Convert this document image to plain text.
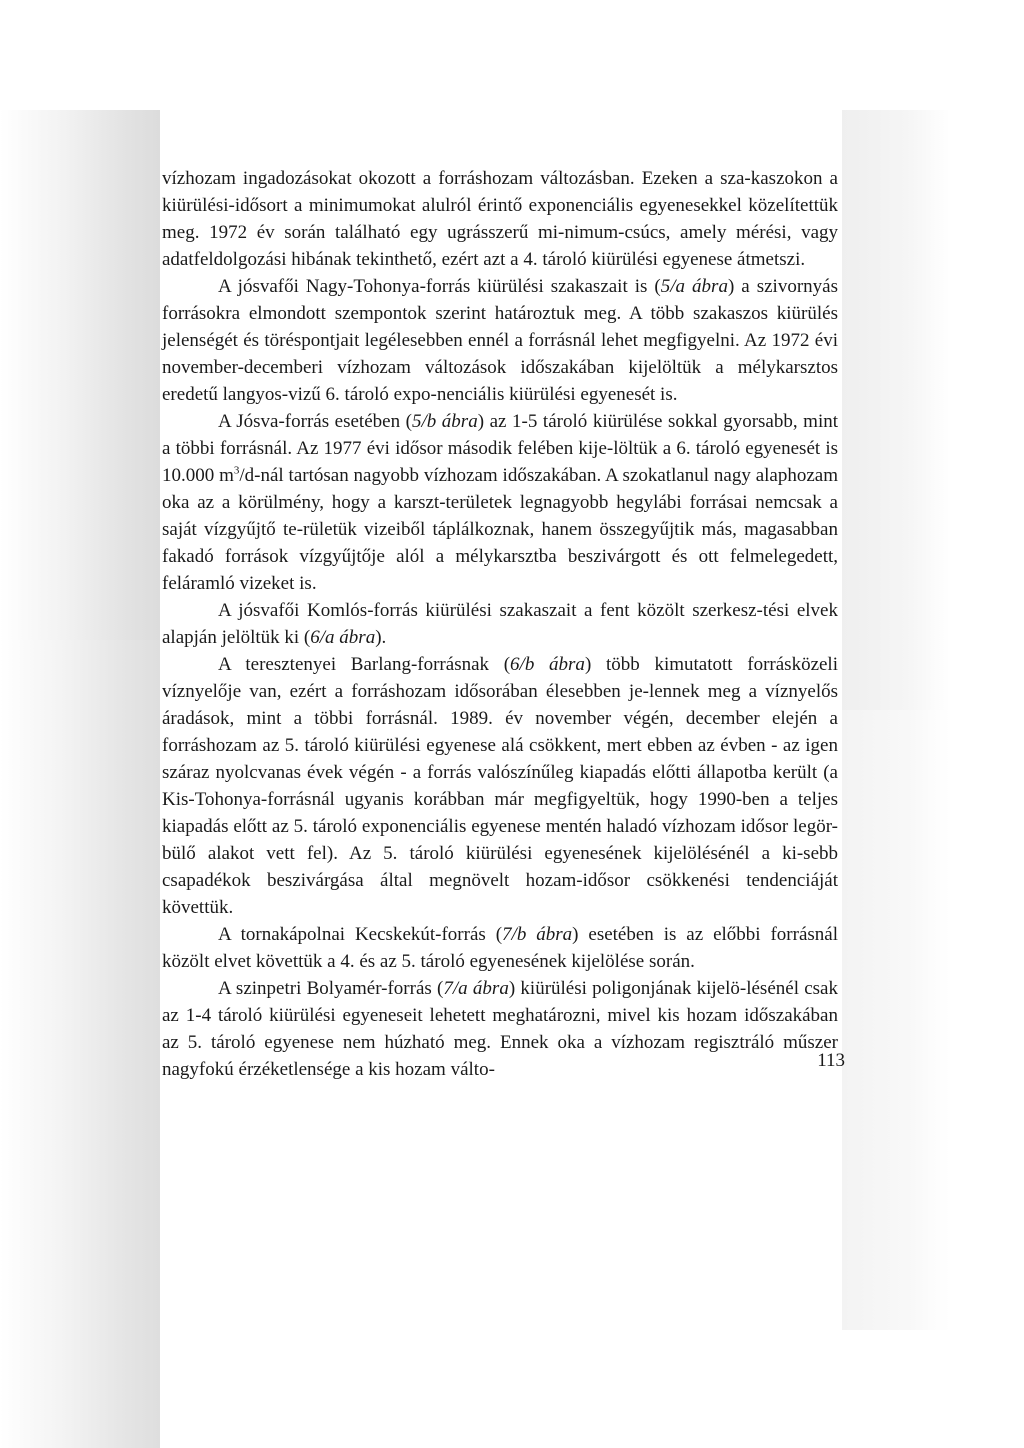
vízhozam ingadozásokat okozott a forráshozam változásban. Ezeken a sza-kaszokon a kiürülési-idősort a minimumokat alulról érintő exponenciális egyenesekkel közelítettük meg. 1972 év során található egy ugrásszerű mi-nimum-csúcs, amely mérési, vagy adatfeldolgozási hibának tekinthető, ezért azt a 4. tároló kiürülési egyenese átmetszi.

A jósvafői Nagy-Tohonya-forrás kiürülési szakaszait is (5/a ábra) a szivornyás forrásokra elmondott szempontok szerint határoztuk meg. A több szakaszos kiürülés jelenségét és töréspontjait legélesebben ennél a forrásnál lehet megfigyelni. Az 1972 évi november-decemberi vízhozam változások időszakában kijelöltük a mélykarsztos eredetű langyos-vizű 6. tároló expo-nenciális kiürülési egyenesét is.

A Jósva-forrás esetében (5/b ábra) az 1-5 tároló kiürülése sokkal gyorsabb, mint a többi forrásnál. Az 1977 évi idősor második felében kije-löltük a 6. tároló egyenesét is 10.000 $m^3/d$-nál tartósan nagyobb vízhozam időszakában. A szokatlanul nagy alaphozam oka az a körülmény, hogy a karszt-területek legnagyobb hegylábi forrásai nemcsak a saját vízgyűjtő te-rületük vizeiből táplálkoznak, hanem összegyűjtik más, magasabban fakadó források vízgyűjtője alól a mélykarsztba beszivárgott és ott felmelegedett, feláramló vizeket is.

A jósvafői Komlós-forrás kiürülési szakaszait a fent közölt szerkesz-tési elvek alapján jelöltük ki (6/a ábra).

A teresztenyei Barlang-forrásnak (6/b ábra) több kimutatott forrásközeli víznyelője van, ezért a forráshozam idősorában élesebben je-lennek meg a víznyelős áradások, mint a többi forrásnál. 1989. év november végén, december elején a forráshozam az 5. tároló kiürülési egyenese alá csökkent, mert ebben az évben - az igen száraz nyolcvanas évek végén - a forrás valószínűleg kiapadás előtti állapotba került (a Kis-Tohonya-forrásnál ugyanis korábban már megfigyeltük, hogy 1990-ben a teljes kiapadás előtt az 5. tároló exponenciális egyenese mentén haladó vízhozam idősor legör-bülő alakot vett fel). Az 5. tároló kiürülési egyenesének kijelölésénél a ki-sebb csapadékok beszivárgása által megnövelt hozam-idősor csökkenési tendenciáját követtük.

A tornakápolnai Kecskekút-forrás (7/b ábra) esetében is az előbbi forrásnál közölt elvet követtük a 4. és az 5. tároló egyenesének kijelölése során.

A szinpetri Bolyamér-forrás (7/a ábra) kiürülési poligonjának kijelö-lésénél csak az 1-4 tároló kiürülési egyeneseit lehetett meghatározni, mivel kis hozam időszakában az 5. tároló egyenese nem húzható meg. Ennek oka a vízhozam regisztráló műszer nagyfokú érzéketlensége a kis hozam válto-	113
